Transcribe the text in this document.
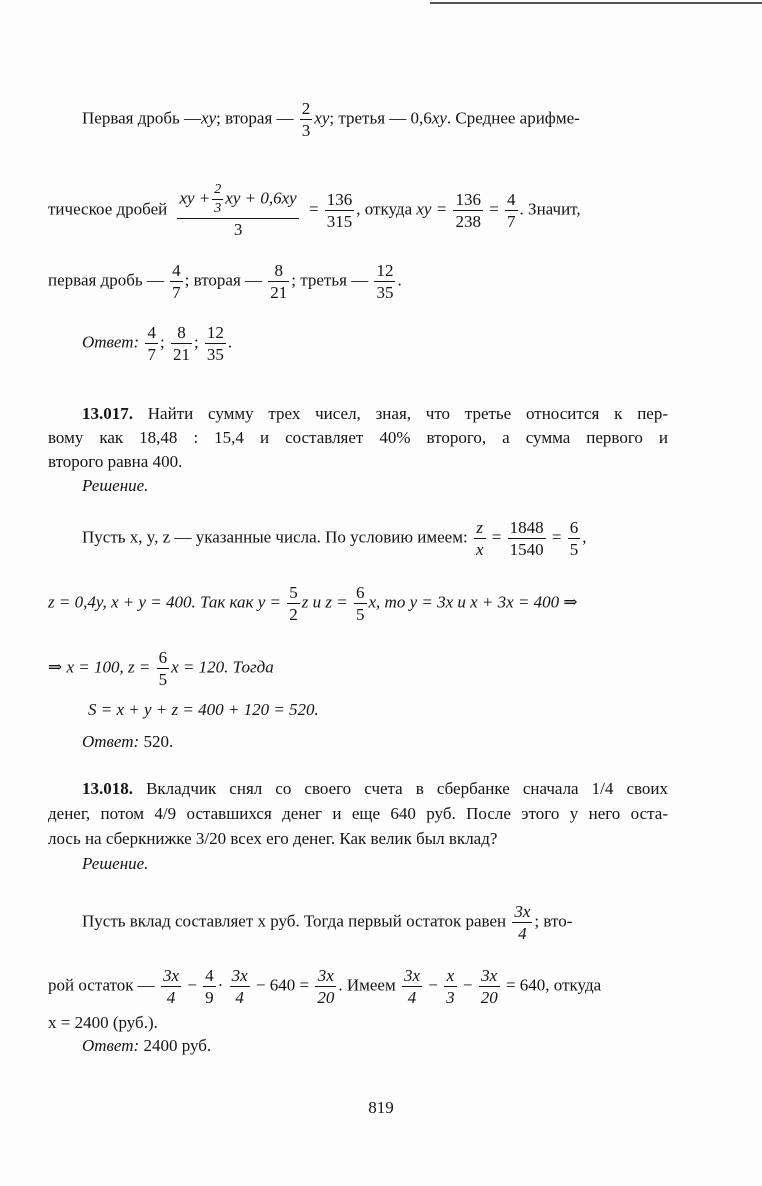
Первая дробь —xy; вторая — $\frac{2}{3}$ xy; третья — 0,6xy. Среднее арифме-
тическое дробей $\frac{xy + \frac{2}{3} xy + 0,6xy}{3} = \frac{136}{315}$ , откуда xy = $\frac{136}{238} = \frac{4}{7}$ . Значит,
первая дробь — $\frac{4}{7}$ ; вторая — $\frac{8}{21}$ ; третья — $\frac{12}{35}$ .
Ответ: $\frac{4}{7}$ ; $\frac{8}{21}$ ; $\frac{12}{35}$ .
13.017. Найти сумму трех чисел, зная, что третье относится к пер-
вому как 18,48 : 15,4 и составляет 40% второго, а сумма первого и
второго равна 400.
Решение.
Пусть x, y, z — указанные числа. По условию имеем: $\frac{z}{x} = \frac{1848}{1540} = \frac{6}{5}$ ,
z = 0,4y, x + y = 400. Так как $y = \frac{5}{2}$ z и $z = \frac{6}{5} x$, то y = 3x и x + 3x = 400 ⇒
⇒ x = 100, $z = \frac{6}{5}$ x = 120. Тогда
S = x + y + z = 400 + 120 = 520.
Ответ: 520.
13.018. Вкладчик снял со своего счета в сбербанке сначала 1/4 своих
денег, потом 4/9 оставшихся денег и еще 640 руб. После этого у него оста-
лось на сберкнижке 3/20 всех его денег. Как велик был вклад?
Решение.
Пусть вклад составляет x руб. Тогда первый остаток равен $\frac{3x}{4}$ ; вто-
рой остаток — $\frac{3x}{4} - \frac{4}{9} \cdot \frac{3x}{4} - 640 = \frac{3x}{20}$ . Имеем $\frac{3x}{4} - \frac{x}{3} - \frac{3x}{20} = 640$, откуда
x = 2400 (руб.).
Ответ: 2400 руб.
819
